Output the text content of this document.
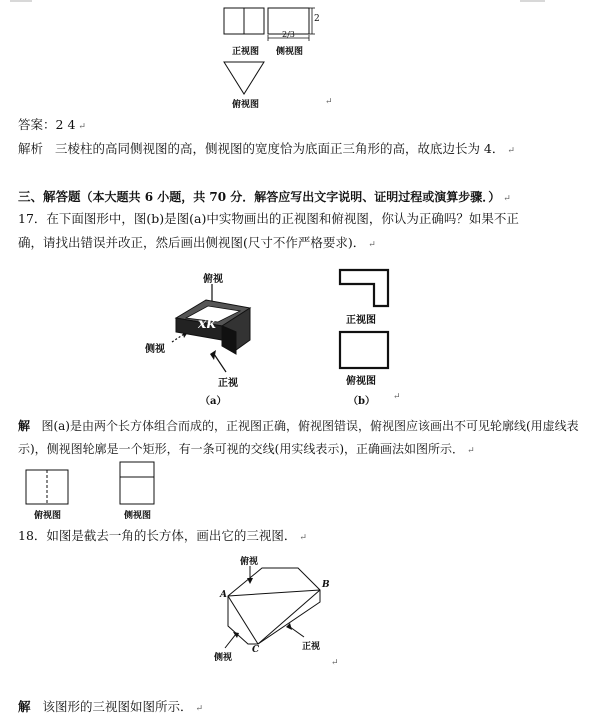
2
2/3
正视图 侧视图
俯视图	↵
答案：2 4 ↵
解析 三棱柱的高同侧视图的高，侧视图的宽度恰为底面正三角形的高，故底边长为 4． ↵
三、解答题（本大题共 6 小题，共 70 分．解答应写出文字说明、证明过程或演算步骤．） ↵
17．在下面图形中，图(b)是图(a)中实物画出的正视图和俯视图，你认为正确吗？如果不正
确，请找出错误并改正，然后画出侧视图(尺寸不作严格要求)． ↵
xk
俯视
侧视
正视
（a）
正视图
俯视图
（b） ↵
解 图(a)是由两个长方体组合而成的，正视图正确，俯视图错误，俯视图应该画出不可见轮廓线(用虚线表
示)，侧视图轮廓是一个矩形，有一条可视的交线(用实线表示)，正确画法如图所示． ↵
俯视图	侧视图
18．如图是截去一角的长方体，画出它的三视图． ↵
俯视
侧视
正视
A
B
C
↵
解 该图形的三视图如图所示． ↵
